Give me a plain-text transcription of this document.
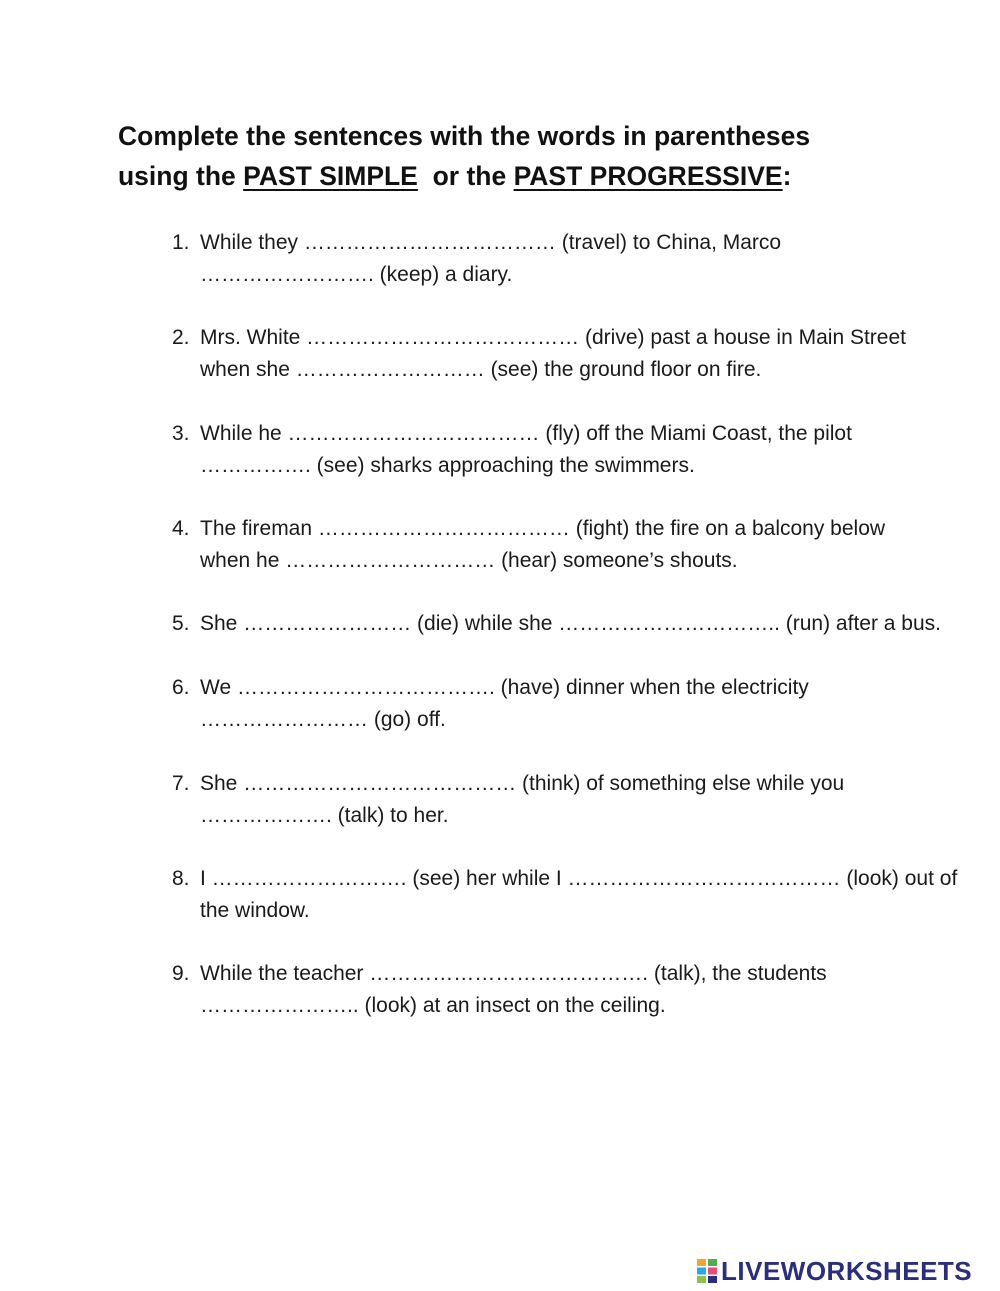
Complete the sentences with the words in parentheses
using the PAST SIMPLE  or the PAST PROGRESSIVE:
1. While they ……………………………… (travel) to China, Marco
……………………. (keep) a diary.
2. Mrs. White ………………………………… (drive) past a house in Main Street
when she ……………………… (see) the ground floor on fire.
3. While he ……………………………… (fly) off the Miami Coast, the pilot
……………. (see) sharks approaching the swimmers.
4. The fireman ……………………………… (fight) the fire on a balcony below
when he ………………………… (hear) someone’s shouts.
5. She …………………… (die) while she ………………………….. (run) after a bus.
6. We ………………………………. (have) dinner when the electricity
…………………… (go) off.
7. She ………………………………… (think) of something else while you
………………. (talk) to her.
8. I ………………………. (see) her while I ………………………………… (look) out of
the window.
9. While the teacher …………………………………. (talk), the students
………………….. (look) at an insect on the ceiling.
LIVEWORKSHEETS
